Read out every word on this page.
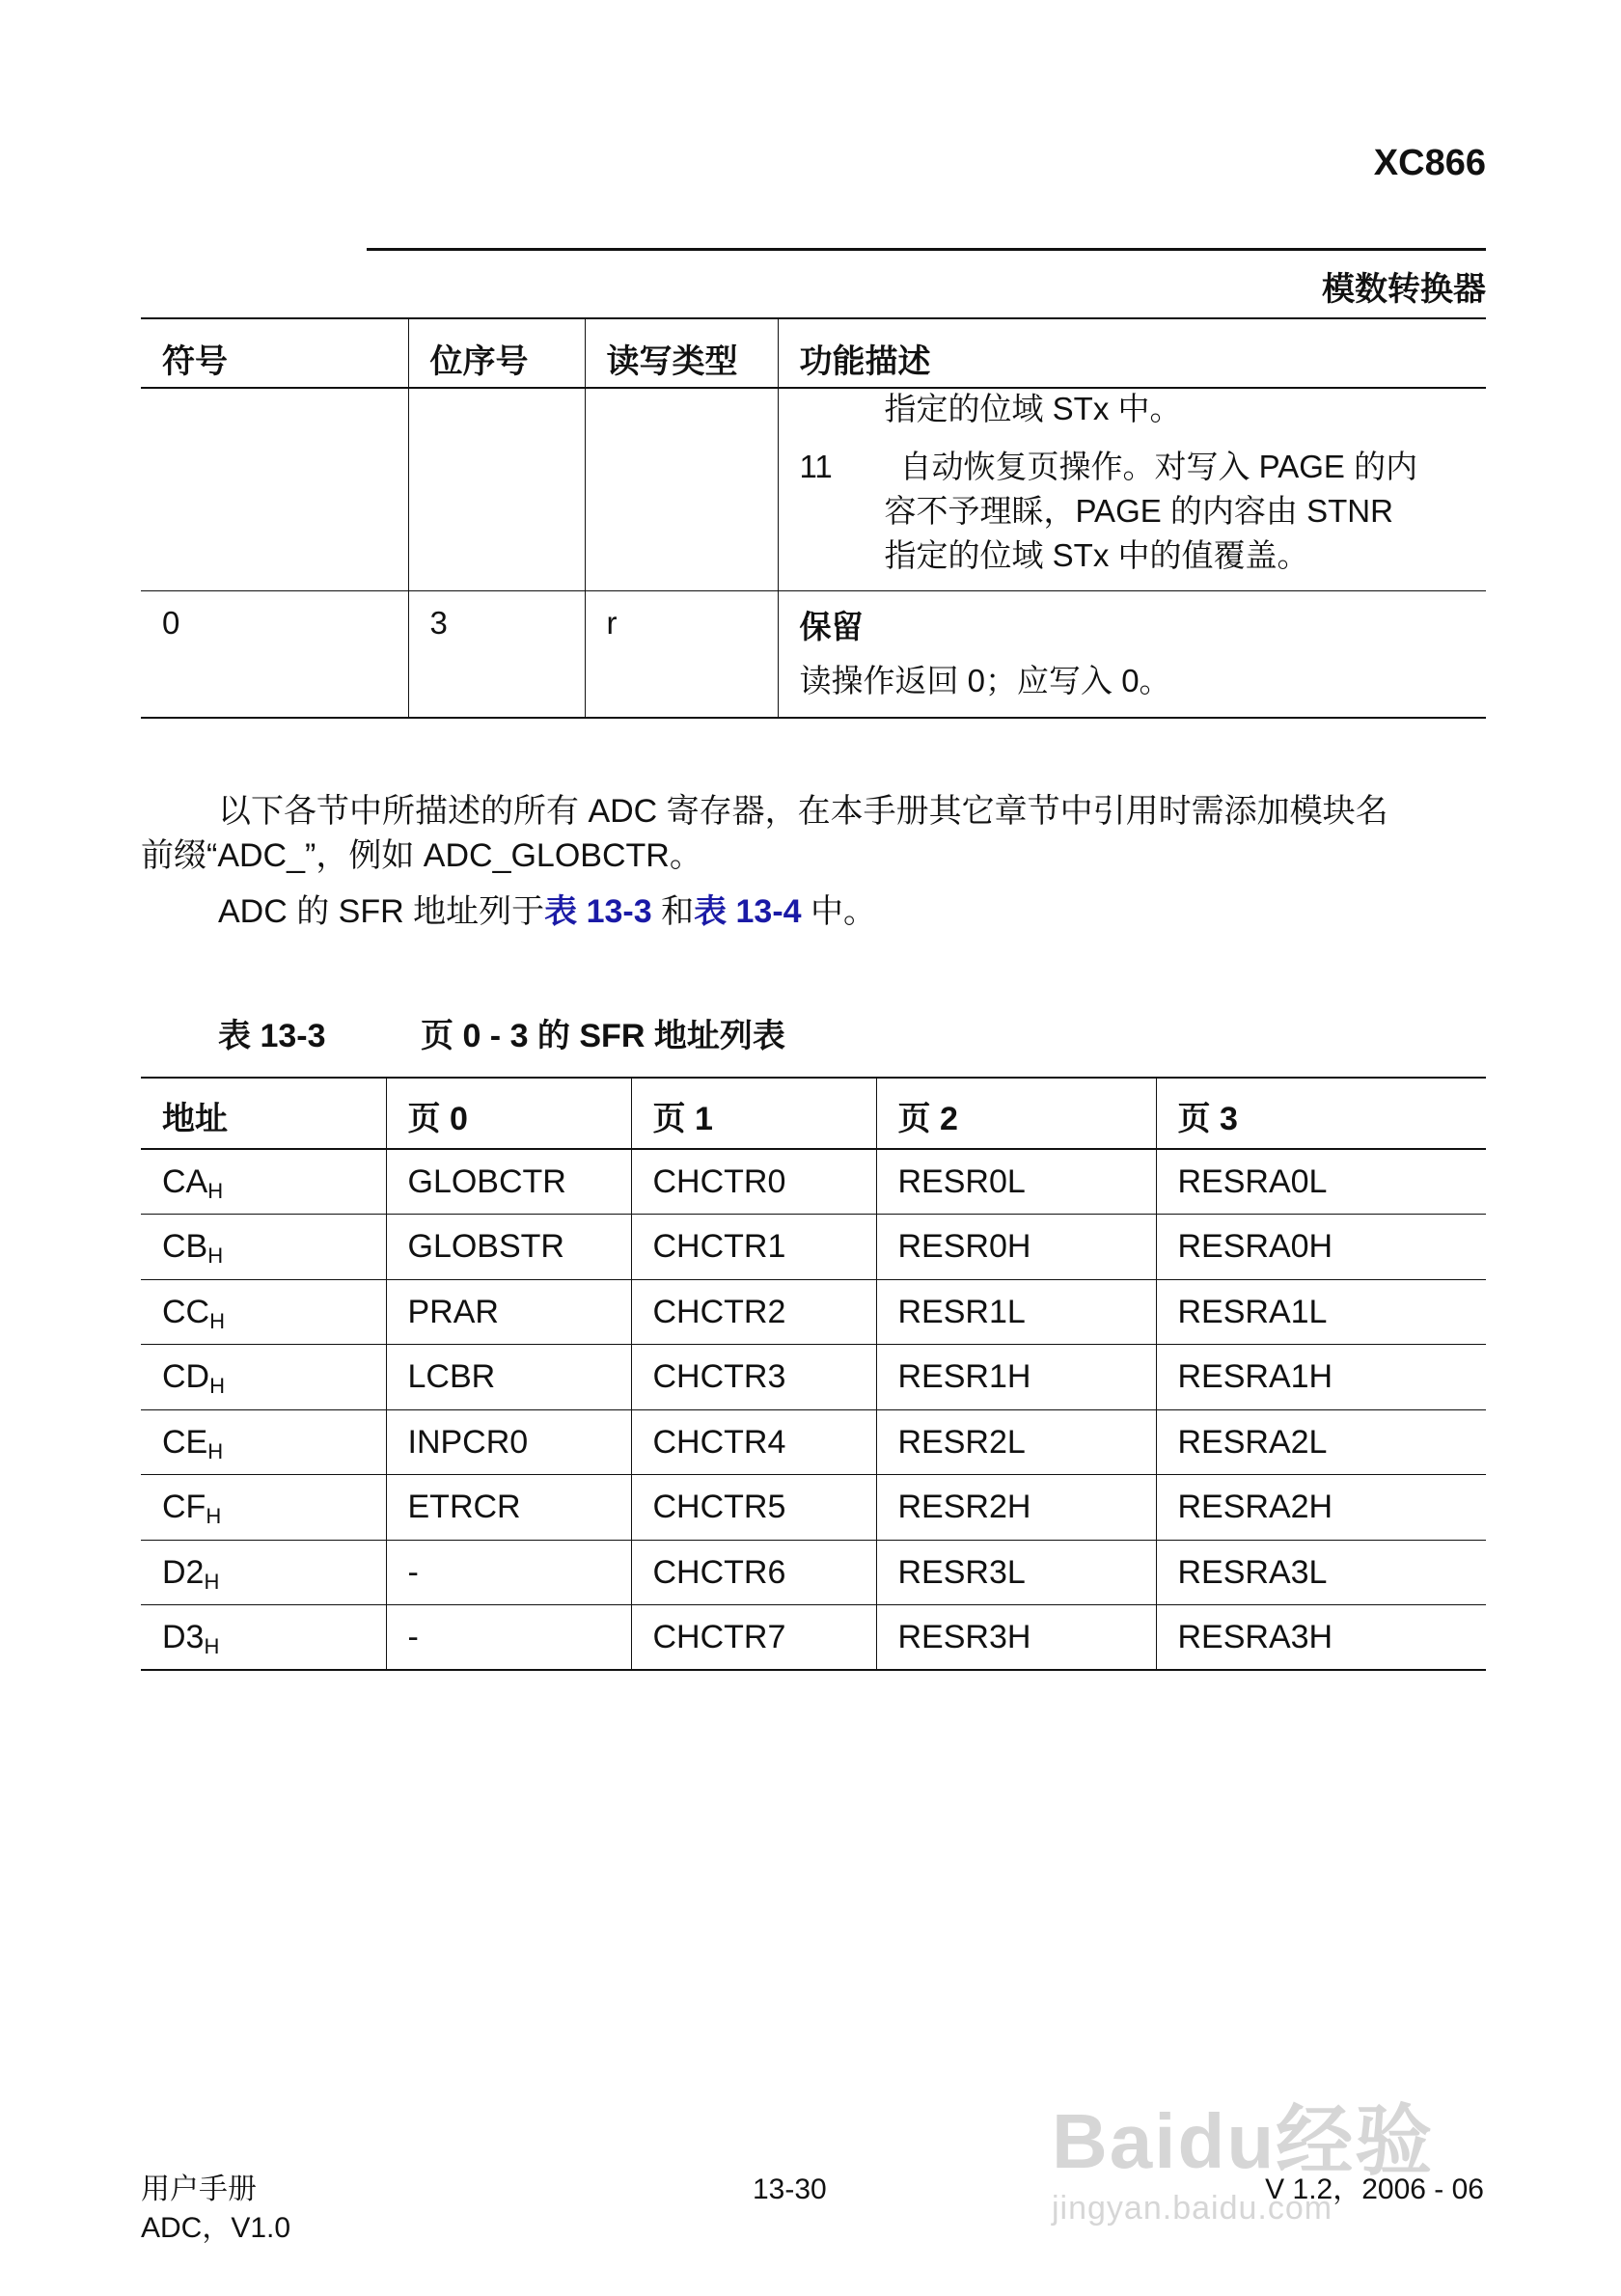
XC866
模数转换器
符号	位序号	读写类型	功能描述

			指定的位域 STx 中。
11 自动恢复页操作。对写入 PAGE 的内
容不予理睬，PAGE 的内容由 STNR
指定的位域 STx 中的值覆盖。

0	3	r	保留
读操作返回 0；应写入 0。
以下各节中所描述的所有 ADC 寄存器，在本手册其它章节中引用时需添加模块名
前缀“ADC_”，例如 ADC_GLOBCTR。
ADC 的 SFR 地址列于表 13-3 和表 13-4 中。
表 13-3	页 0 - 3 的 SFR 地址列表
地址	页 0	页 1	页 2	页 3
$CA_H$	GLOBCTR	CHCTR0	RESR0L	RESRA0L
$CB_H$	GLOBSTR	CHCTR1	RESR0H	RESRA0H
$CC_H$	PRAR	CHCTR2	RESR1L	RESRA1L
$CD_H$	LCBR	CHCTR3	RESR1H	RESRA1H
$CE_H$	INPCR0	CHCTR4	RESR2L	RESRA2L
$CF_H$	ETRCR	CHCTR5	RESR2H	RESRA2H
$D2_H$	-	CHCTR6	RESR3L	RESRA3L
$D3_H$	-	CHCTR7	RESR3H	RESRA3H
用户手册
ADC，V1.0
13-30	V 1.2，2006 - 06
Baidu经验
jingyan.baidu.com
